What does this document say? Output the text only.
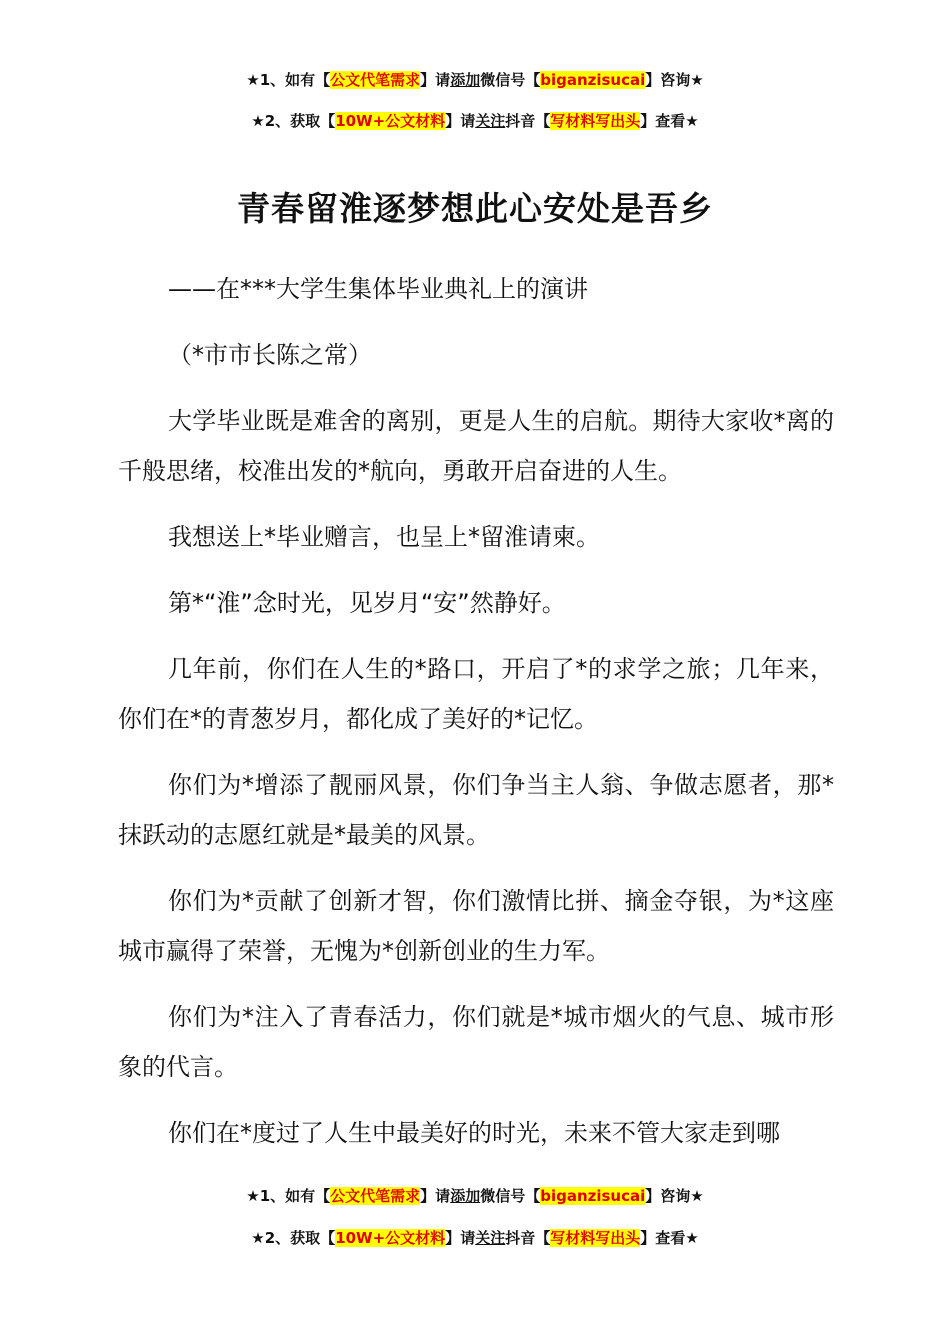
★1、如有【公文代笔需求】请添加微信号【biganzisucai】咨询★
★2、获取【10W+公文材料】请关注抖音【写材料写出头】查看★
青春留淮逐梦想此心安处是吾乡

——在***大学生集体毕业典礼上的演讲

（*市市长陈之常）

大学毕业既是难舍的离别，更是人生的启航。期待大家收*离的千般思绪，校准出发的*航向，勇敢开启奋进的人生。

我想送上*毕业赠言，也呈上*留淮请柬。

第*“淮”念时光，见岁月“安”然静好。

几年前，你们在人生的*路口，开启了*的求学之旅；几年来，你们在*的青葱岁月，都化成了美好的*记忆。

你们为*增添了靓丽风景，你们争当主人翁、争做志愿者，那*抹跃动的志愿红就是*最美的风景。

你们为*贡献了创新才智，你们激情比拼、摘金夺银，为*这座城市赢得了荣誉，无愧为*创新创业的生力军。

你们为*注入了青春活力，你们就是*城市烟火的气息、城市形象的代言。

你们在*度过了人生中最美好的时光，未来不管大家走到哪

★1、如有【公文代笔需求】请添加微信号【biganzisucai】咨询★
★2、获取【10W+公文材料】请关注抖音【写材料写出头】查看★
